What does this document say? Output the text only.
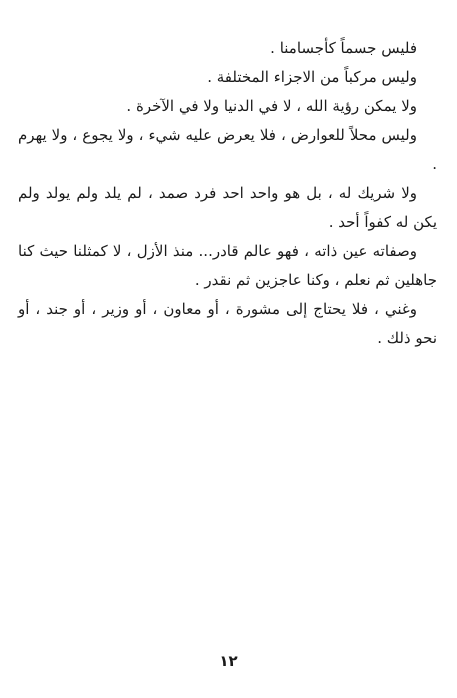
فليس جسماً كأجسامنا .

وليس مركباً من الاجزاء المختلفة .

ولا يمكن رؤية الله ، لا في الدنيا ولا في الآخرة .

وليس محلاً للعوارض ، فلا يعرض عليه شيء ، ولا يجوع ، ولا يهرم .

ولا شريك له ، بل هو واحد احد فرد صمد ، لم يلد ولم يولد ولم يكن له كفواً أحد .

وصفاته عين ذاته ، فهو عالم قادر... منذ الأزل ، لا كمثلنا حيث كنا جاهلين ثم نعلم ، وكنا عاجزين ثم نقدر .

وغني ، فلا يحتاج إلى مشورة ، أو معاون ، أو وزير ، أو جند ، أو نحو ذلك .

١٢
